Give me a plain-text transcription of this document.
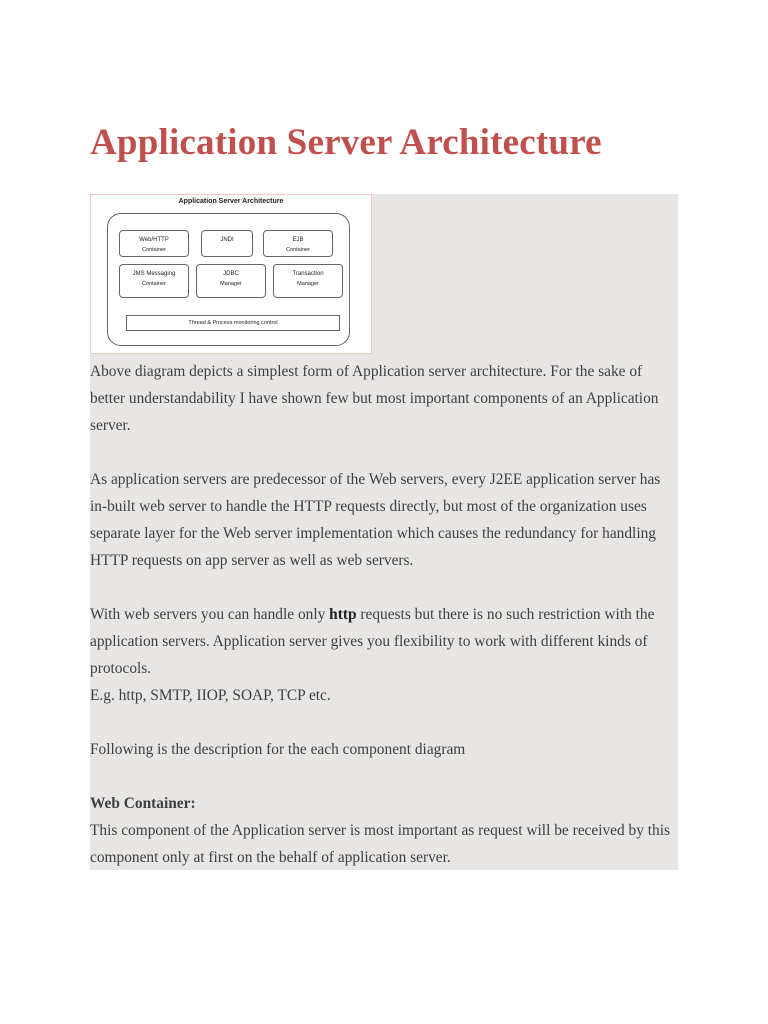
Application Server Architecture
Application Server Architecture
Web/HTTP
Container
JNDI	EJB
Container
JMS Messaging
Container
JDBC
Manager
Transaction
Manager
Thread & Process monitoring control

Above diagram depicts a simplest form of Application server architecture. For the sake of better understandability I have shown few but most important components of an Application server.

As application servers are predecessor of the Web servers, every J2EE application server has in-built web server to handle the HTTP requests directly, but most of the organization uses separate layer for the Web server implementation which causes the redundancy for handling HTTP requests on app server as well as web servers.

With web servers you can handle only http requests but there is no such restriction with the application servers. Application server gives you flexibility to work with different kinds of protocols.

E.g. http, SMTP, IIOP, SOAP, TCP etc.

Following is the description for the each component diagram

Web Container:

This component of the Application server is most important as request will be received by this component only at first on the behalf of application server.
